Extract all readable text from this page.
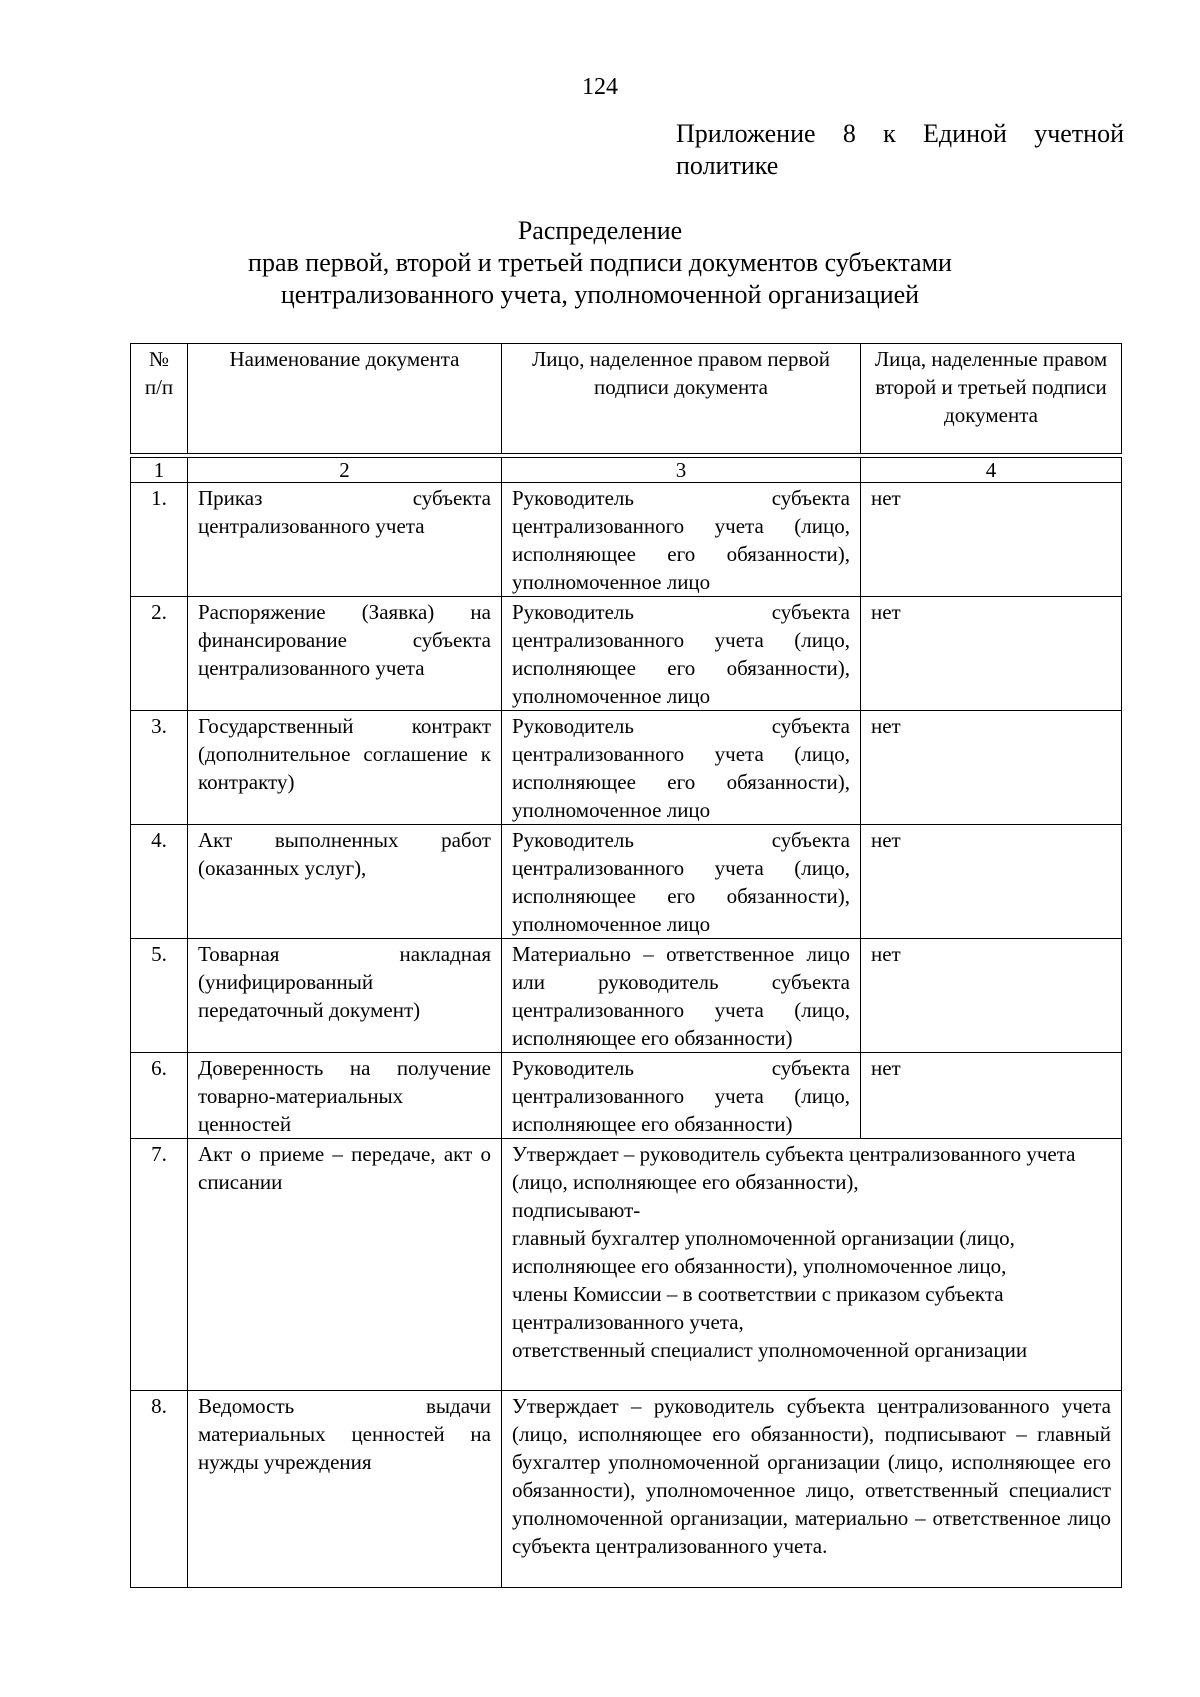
124
Приложение 8 к Единой учетной политике
Распределение
прав первой, второй и третьей подписи документов субъектами
централизованного учета, уполномоченной организацией
№ п/п	Наименование документа	Лицо, наделенное правом первой подписи документа	Лица, наделенные правом второй и третьей подписи документа

1	2	3	4
1.	Приказ субъекта централизованного учета	Руководитель субъекта централизованного учета (лицо, исполняющее его обязанности), уполномоченное лицо	нет
2.	Распоряжение (Заявка) на финансирование субъекта централизованного учета	Руководитель субъекта централизованного учета (лицо, исполняющее его обязанности), уполномоченное лицо	нет
3.	Государственный контракт (дополнительное соглашение к контракту)	Руководитель субъекта централизованного учета (лицо, исполняющее его обязанности), уполномоченное лицо	нет
4.	Акт выполненных работ (оказанных услуг),	Руководитель субъекта централизованного учета (лицо, исполняющее его обязанности), уполномоченное лицо	нет
5.	Товарная накладная (унифицированный передаточный документ)	Материально – ответственное лицо или руководитель субъекта централизованного учета (лицо, исполняющее его обязанности)	нет
6.	Доверенность на получение товарно-материальных ценностей	Руководитель субъекта централизованного учета (лицо, исполняющее его обязанности)	нет
7.	Акт о приеме – передаче, акт о списании	Утверждает – руководитель субъекта централизованного учета (лицо, исполняющее его обязанности),
подписывают-
главный бухгалтер уполномоченной организации (лицо, исполняющее его обязанности), уполномоченное лицо,
члены Комиссии – в соответствии с приказом субъекта централизованного учета,
ответственный специалист уполномоченной организации	

8.	Ведомость выдачи материальных ценностей на нужды учреждения	Утверждает – руководитель субъекта централизованного учета (лицо, исполняющее его обязанности), подписывают – главный бухгалтер уполномоченной организации (лицо, исполняющее его обязанности), уполномоченное лицо, ответственный специалист уполномоченной организации, материально – ответственное лицо субъекта централизованного учета.	
